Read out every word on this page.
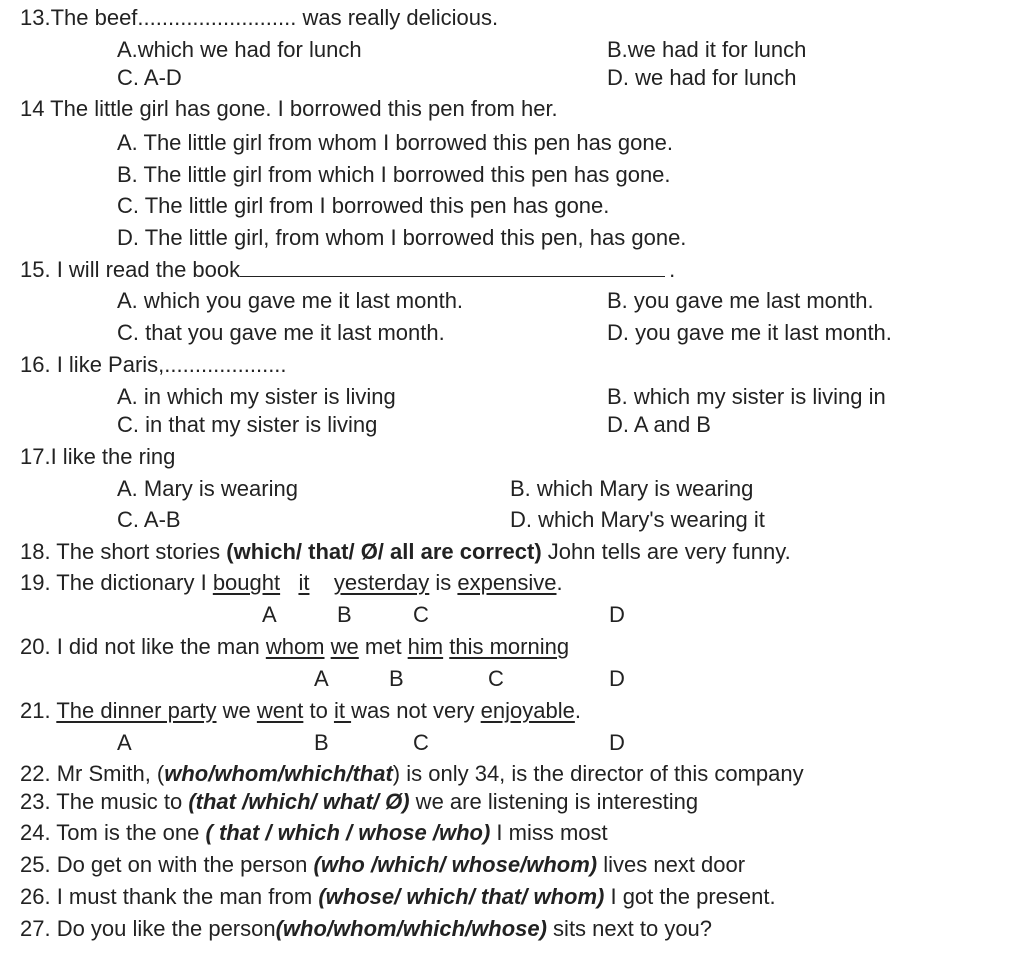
13.The beef.......................... was really delicious.
A.which we had for lunch	B.we had it for lunch
C. A-D	D. we had for lunch
14 The little girl has gone. I borrowed this pen from her.
A. The little girl from whom I borrowed this pen has gone.
B. The little girl from which I borrowed this pen has gone.
C. The little girl from I borrowed this pen has gone.
D. The little girl, from whom I borrowed this pen, has gone.
15. I will read the book	.
A. which you gave me it last month.	B. you gave me last month.
C. that you gave me it last month.	D. you gave me it last month.
16. I like Paris,....................
A. in which my sister is living	B. which my sister is living in
C. in that my sister is living	D. A and B
17.I like the ring
A. Mary is wearing	B. which Mary is wearing
C. A-B	D. which Mary's wearing it
18. The short stories (which/ that/ Ø/ all are correct) John tells are very funny.
19. The dictionary I bought it yesterday is expensive.
A	B	C	D
20. I did not like the man whom we met him this morning
A	B	C	D
21. The dinner party we went to it was not very enjoyable.
A	B	C	D
22. Mr Smith, (who/whom/which/that) is only 34, is the director of this company
23. The music to (that /which/ what/ Ø) we are listening is interesting
24. Tom is the one ( that / which / whose /who) I miss most
25. Do get on with the person (who /which/ whose/whom) lives next door
26. I must thank the man from (whose/ which/ that/ whom) I got the present.
27. Do you like the person(who/whom/which/whose) sits next to you?
